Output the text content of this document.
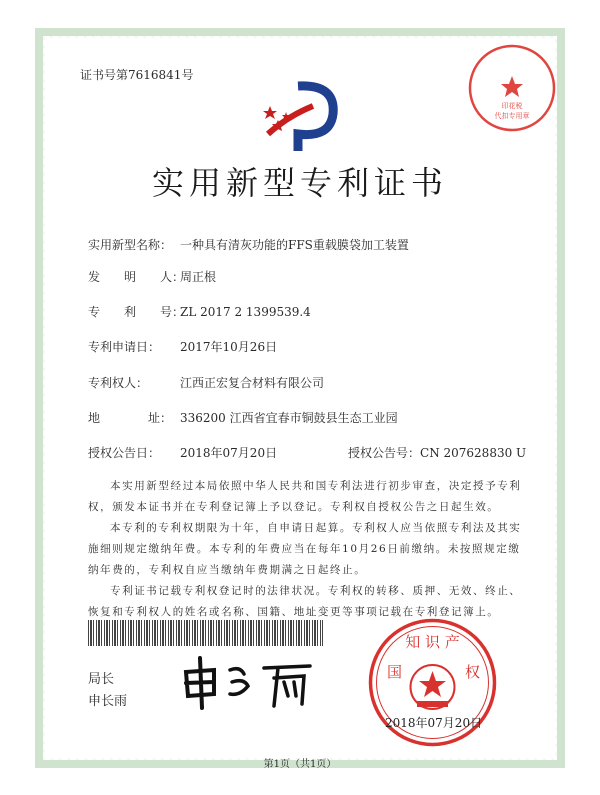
证书号第7616841号
印花税
代扣专用章
实用新型专利证书
实用新型名称： 一种具有清灰功能的FFS重载膜袋加工装置
发　　明　　人：周正根
专　　利　　号：ZL 2017 2 1399539.4
专利申请日： 2017年10月26日
专利权人：	江西正宏复合材料有限公司
地　　　　址： 336200 江西省宜春市铜鼓县生态工业园
授权公告日： 2018年07月20日	授权公告号：CN 207628830 U

本实用新型经过本局依照中华人民共和国专利法进行初步审查，决定授予专利权，颁发本证书并在专利登记簿上予以登记。专利权自授权公告之日起生效。

本专利的专利权期限为十年，自申请日起算。专利权人应当依照专利法及其实施细则规定缴纳年费。本专利的年费应当在每年10月26日前缴纳。未按照规定缴纳年费的，专利权自应当缴纳年费期满之日起终止。

专利证书记载专利权登记时的法律状况。专利权的转移、质押、无效、终止、恢复和专利权人的姓名或名称、国籍、地址变更等事项记载在专利登记簿上。

局长
申长雨
知 识 产
国	权
2018年07月20日
第1页（共1页）
